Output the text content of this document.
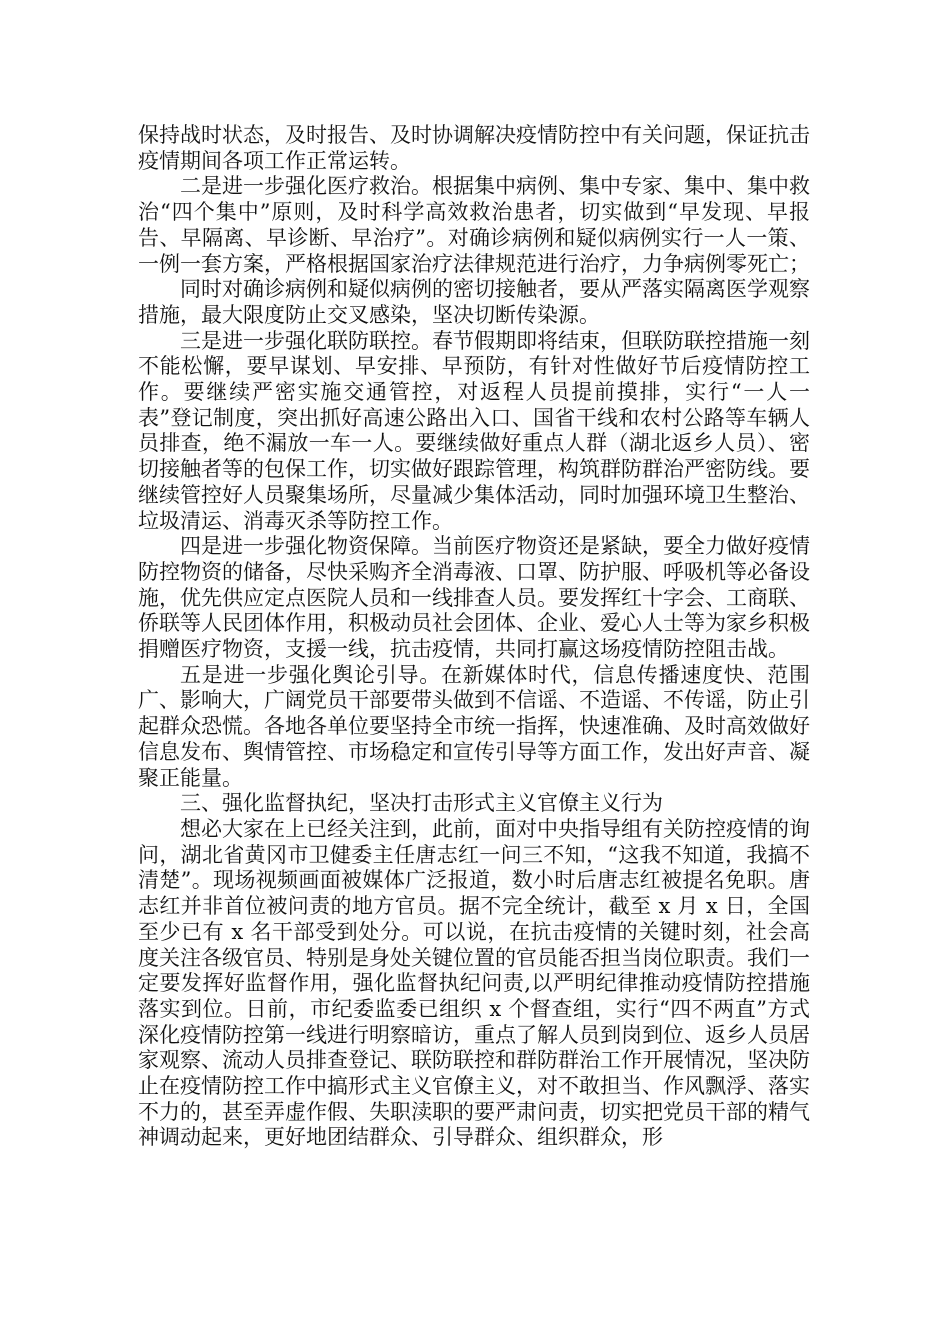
保持战时状态，及时报告、及时协调解决疫情防控中有关问题，保证抗击疫情期间各项工作正常运转。

二是进一步强化医疗救治。根据集中病例、集中专家、集中、集中救治“四个集中”原则，及时科学高效救治患者，切实做到“早发现、早报告、早隔离、早诊断、早治疗”。对确诊病例和疑似病例实行一人一策、一例一套方案，严格根据国家治疗法律规范进行治疗，力争病例零死亡；

同时对确诊病例和疑似病例的密切接触者，要从严落实隔离医学观察措施，最大限度防止交叉感染，坚决切断传染源。

三是进一步强化联防联控。春节假期即将结束，但联防联控措施一刻不能松懈，要早谋划、早安排、早预防，有针对性做好节后疫情防控工作。要继续严密实施交通管控，对返程人员提前摸排，实行“一人一表”登记制度，突出抓好高速公路出入口、国省干线和农村公路等车辆人员排查，绝不漏放一车一人。要继续做好重点人群（湖北返乡人员）、密切接触者等的包保工作，切实做好跟踪管理，构筑群防群治严密防线。要继续管控好人员聚集场所，尽量减少集体活动，同时加强环境卫生整治、垃圾清运、消毒灭杀等防控工作。

四是进一步强化物资保障。当前医疗物资还是紧缺，要全力做好疫情防控物资的储备，尽快采购齐全消毒液、口罩、防护服、呼吸机等必备设施，优先供应定点医院人员和一线排查人员。要发挥红十字会、工商联、侨联等人民团体作用，积极动员社会团体、企业、爱心人士等为家乡积极捐赠医疗物资，支援一线，抗击疫情，共同打赢这场疫情防控阻击战。

五是进一步强化舆论引导。在新媒体时代，信息传播速度快、范围广、影响大，广阔党员干部要带头做到不信谣、不造谣、不传谣，防止引起群众恐慌。各地各单位要坚持全市统一指挥，快速准确、及时高效做好信息发布、舆情管控、市场稳定和宣传引导等方面工作，发出好声音、凝聚正能量。

三、强化监督执纪，坚决打击形式主义官僚主义行为

想必大家在上已经关注到，此前，面对中央指导组有关防控疫情的询问，湖北省黄冈市卫健委主任唐志红一问三不知，“这我不知道，我搞不清楚”。现场视频画面被媒体广泛报道，数小时后唐志红被提名免职。唐志红并非首位被问责的地方官员。据不完全统计，截至 x 月 x 日，全国至少已有 x 名干部受到处分。可以说，在抗击疫情的关键时刻，社会高度关注各级官员、特别是身处关键位置的官员能否担当岗位职责。我们一定要发挥好监督作用，强化监督执纪问责,以严明纪律推动疫情防控措施落实到位。日前，市纪委监委已组织 x 个督查组，实行“四不两直”方式深化疫情防控第一线进行明察暗访，重点了解人员到岗到位、返乡人员居家观察、流动人员排查登记、联防联控和群防群治工作开展情况，坚决防止在疫情防控工作中搞形式主义官僚主义，对不敢担当、作风飘浮、落实不力的，甚至弄虚作假、失职渎职的要严肃问责，切实把党员干部的精气神调动起来，更好地团结群众、引导群众、组织群众，形
